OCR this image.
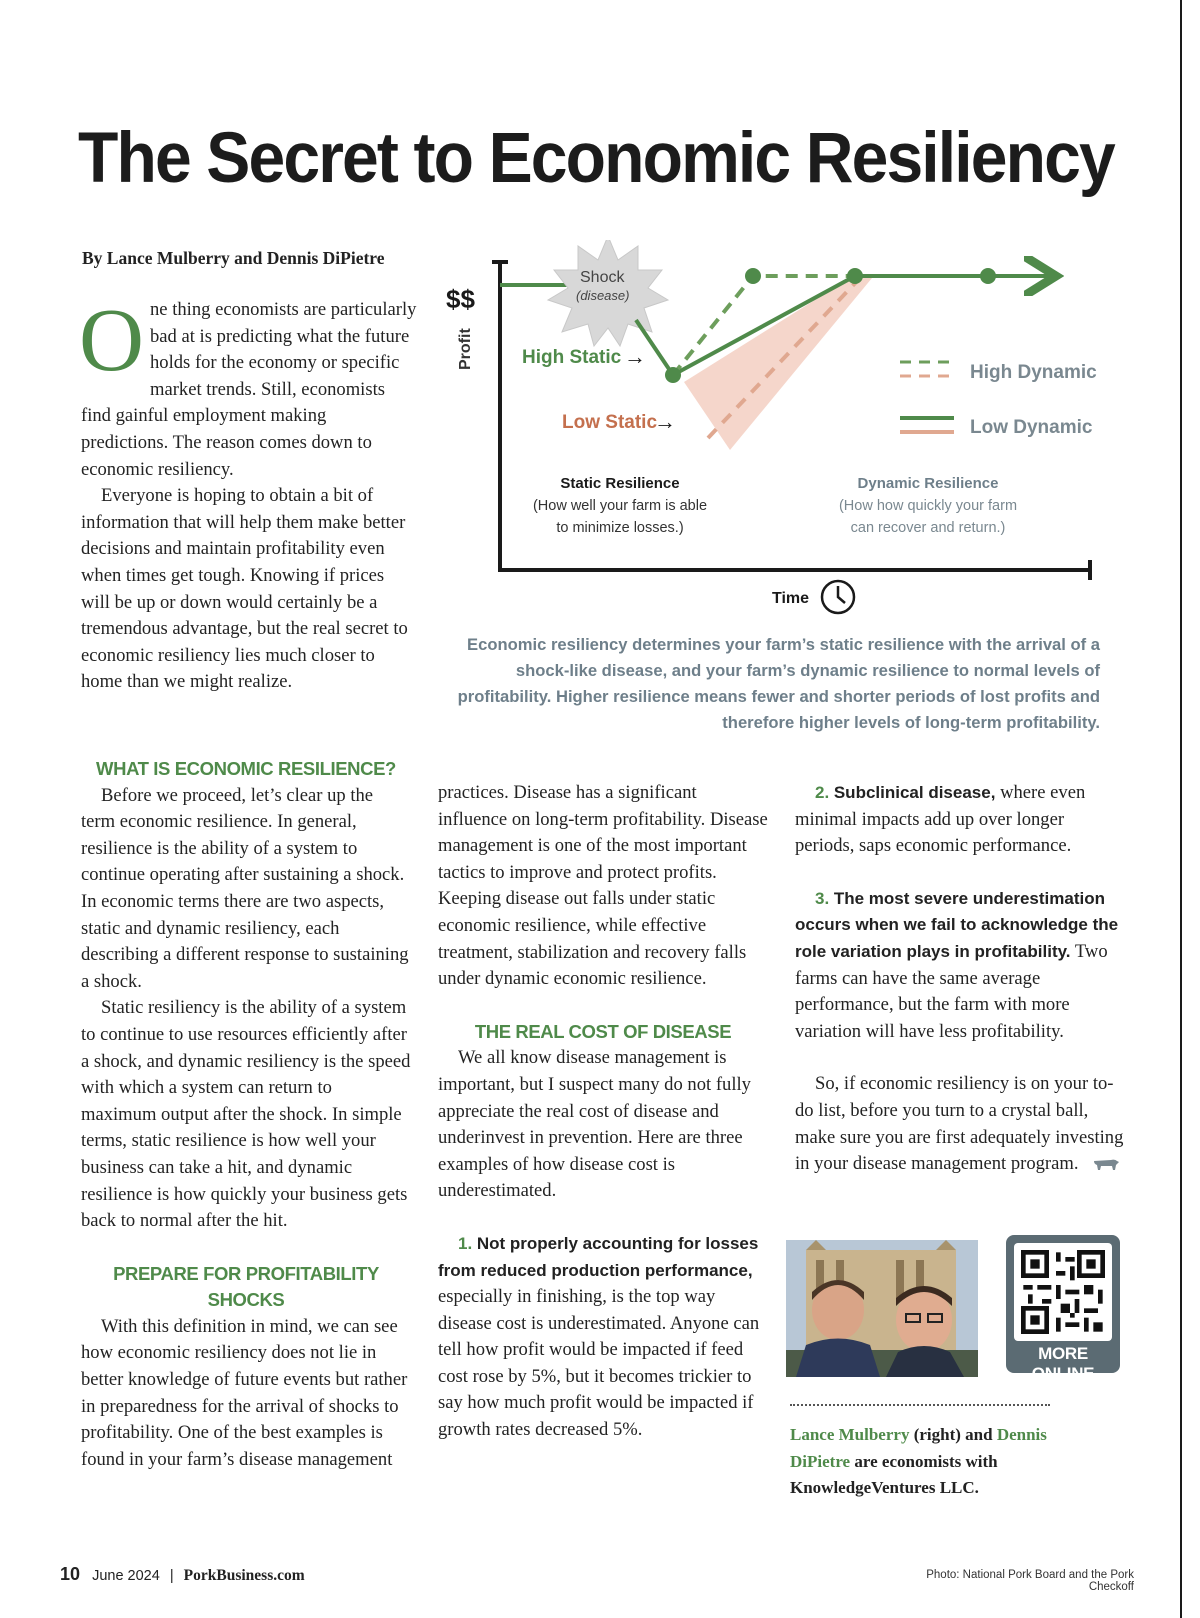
The Secret to Economic Resiliency
By Lance Mulberry and Dennis DiPietre

One thing economists are particularly bad at is predicting what the future holds for the economy or specific market trends. Still, economists find gainful employment making predictions. The reason comes down to economic resiliency.

Everyone is hoping to obtain a bit of information that will help them make better decisions and maintain profitability even when times get tough. Knowing if prices will be up or down would certainly be a tremendous advantage, but the real secret to economic resiliency lies much closer to home than we might realize.

$$
Profit
Time
Shock
(disease)
High Static →
Low Static
→
High Dynamic
Low Dynamic
Static Resilience
(How well your farm is able
to minimize losses.)
Dynamic Resilience
(How how quickly your farm
can recover and return.)
Economic resiliency determines your farm’s static resilience with the arrival of a shock-like disease, and your farm’s dynamic resilience to normal levels of profitability. Higher resilience means fewer and shorter periods of lost profits and therefore higher levels of long-term profitability.

WHAT IS ECONOMIC RESILIENCE?

Before we proceed, let’s clear up the term economic resilience. In general, resilience is the ability of a system to continue operating after sustaining a shock. In economic terms there are two aspects, static and dynamic resiliency, each describing a different response to sustaining a shock.

Static resiliency is the ability of a system to continue to use resources efficiently after a shock, and dynamic resiliency is the speed with which a system can return to maximum output after the shock. In simple terms, static resilience is how well your business can take a hit, and dynamic resilience is how quickly your business gets back to normal after the hit.

PREPARE FOR PROFITABILITY SHOCKS

With this definition in mind, we can see how economic resiliency does not lie in better knowledge of future events but rather in preparedness for the arrival of shocks to profitability. One of the best examples is found in your farm’s disease management

practices. Disease has a significant influence on long-term profitability. Disease management is one of the most important tactics to improve and protect profits. Keeping disease out falls under static economic resilience, while effective treatment, stabilization and recovery falls under dynamic economic resilience.

THE REAL COST OF DISEASE

We all know disease management is important, but I suspect many do not fully appreciate the real cost of disease and underinvest in prevention. Here are three examples of how disease cost is underestimated.

1. Not properly accounting for losses from reduced production performance, especially in finishing, is the top way disease cost is underestimated. Anyone can tell how profit would be impacted if feed cost rose by 5%, but it becomes trickier to say how much profit would be impacted if growth rates decreased 5%.

2. Subclinical disease, where even minimal impacts add up over longer periods, saps economic performance.

3. The most severe underestimation occurs when we fail to acknowledge the role variation plays in profitability. Two farms can have the same average performance, but the farm with more variation will have less profitability.

So, if economic resiliency is on your to-do list, before you turn to a crystal ball, make sure you are first adequately investing in your disease management program.

MORE ONLINE
Lance Mulberry (right) and Dennis DiPietre are economists with KnowledgeVentures LLC.
10 June 2024 | PorkBusiness.com	Photo: National Pork Board and the Pork Checkoff
